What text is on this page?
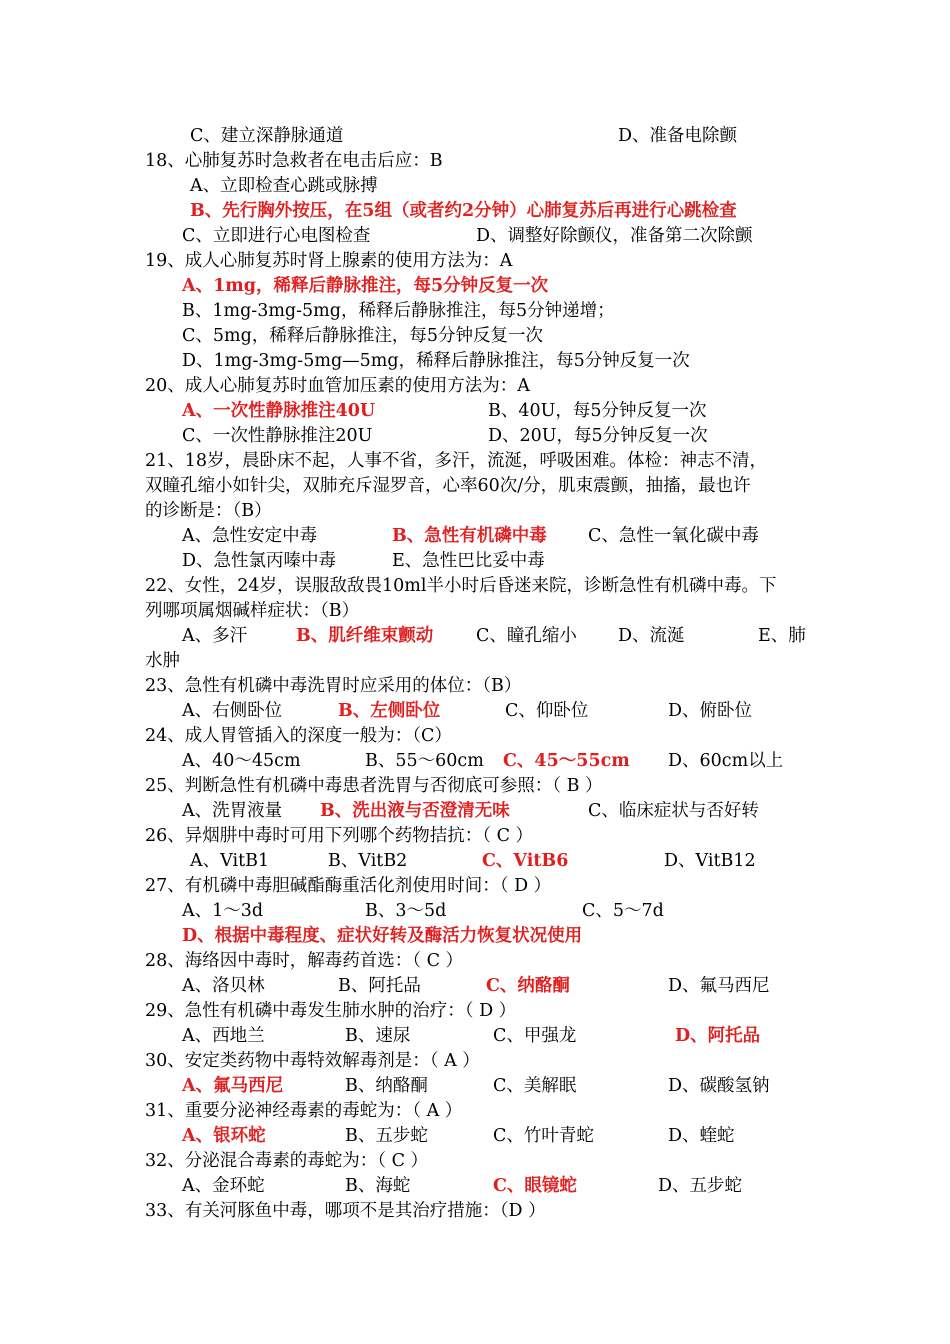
C、建立深静脉通道	D、准备电除颤
18、心肺复苏时急救者在电击后应：B
A、立即检查心跳或脉搏
B、先行胸外按压，在5组（或者约2分钟）心肺复苏后再进行心跳检查
C、立即进行心电图检查	D、调整好除颤仪，准备第二次除颤
19、成人心肺复苏时肾上腺素的使用方法为：A
A、1mg，稀释后静脉推注，每5分钟反复一次
B、1mg-3mg-5mg，稀释后静脉推注，每5分钟递增；
C、5mg，稀释后静脉推注，每5分钟反复一次
D、1mg-3mg-5mg—5mg，稀释后静脉推注，每5分钟反复一次
20、成人心肺复苏时血管加压素的使用方法为：A
A、一次性静脉推注40U	B、40U，每5分钟反复一次
C、一次性静脉推注20U	D、20U，每5分钟反复一次
21、18岁，晨卧床不起，人事不省，多汗，流涎，呼吸困难。体检：神志不清，
双瞳孔缩小如针尖，双肺充斥湿罗音，心率60次/分，肌束震颤，抽搐，最也许
的诊断是：（B）
A、急性安定中毒	B、急性有机磷中毒 C、急性一氧化碳中毒
D、急性氯丙嗪中毒	E、急性巴比妥中毒
22、女性，24岁，误服敌敌畏10ml半小时后昏迷来院，诊断急性有机磷中毒。下
列哪项属烟碱样症状：（B）
A、多汗	B、肌纤维束颤动 C、瞳孔缩小 D、流涎	E、肺
水肿
23、急性有机磷中毒洗胃时应采用的体位：（B）
A、右侧卧位	B、左侧卧位	C、仰卧位	D、俯卧位
24、成人胃管插入的深度一般为：（C）
A、40～45cm	B、55～60cm C、45～55cm D、60cm以上
25、判断急性有机磷中毒患者洗胃与否彻底可参照：（ B ）
A、洗胃液量 B、洗出液与否澄清无味	C、临床症状与否好转
26、异烟肼中毒时可用下列哪个药物拮抗：（ C ）
A、VitB1	B、VitB2	C、VitB6	D、VitB12
27、有机磷中毒胆碱酯酶重活化剂使用时间：（ D ）
A、1～3d	B、3～5d	C、5～7d
D、根据中毒程度、症状好转及酶活力恢复状况使用
28、海络因中毒时，解毒药首选：（ C ）
A、洛贝林	B、阿托品	C、纳酪酮	D、氟马西尼
29、急性有机磷中毒发生肺水肿的治疗：（ D ）
A、西地兰	B、速尿	C、甲强龙	D、阿托品
30、安定类药物中毒特效解毒剂是：（ A ）
A、氟马西尼	B、纳酪酮	C、美解眠	D、碳酸氢钠
31、重要分泌神经毒素的毒蛇为：（ A ）
A、银环蛇	B、五步蛇	C、竹叶青蛇	D、蝰蛇
32、分泌混合毒素的毒蛇为：（ C ）
A、金环蛇	B、海蛇	C、眼镜蛇	D、五步蛇
33、有关河豚鱼中毒，哪项不是其治疗措施：（D ）
